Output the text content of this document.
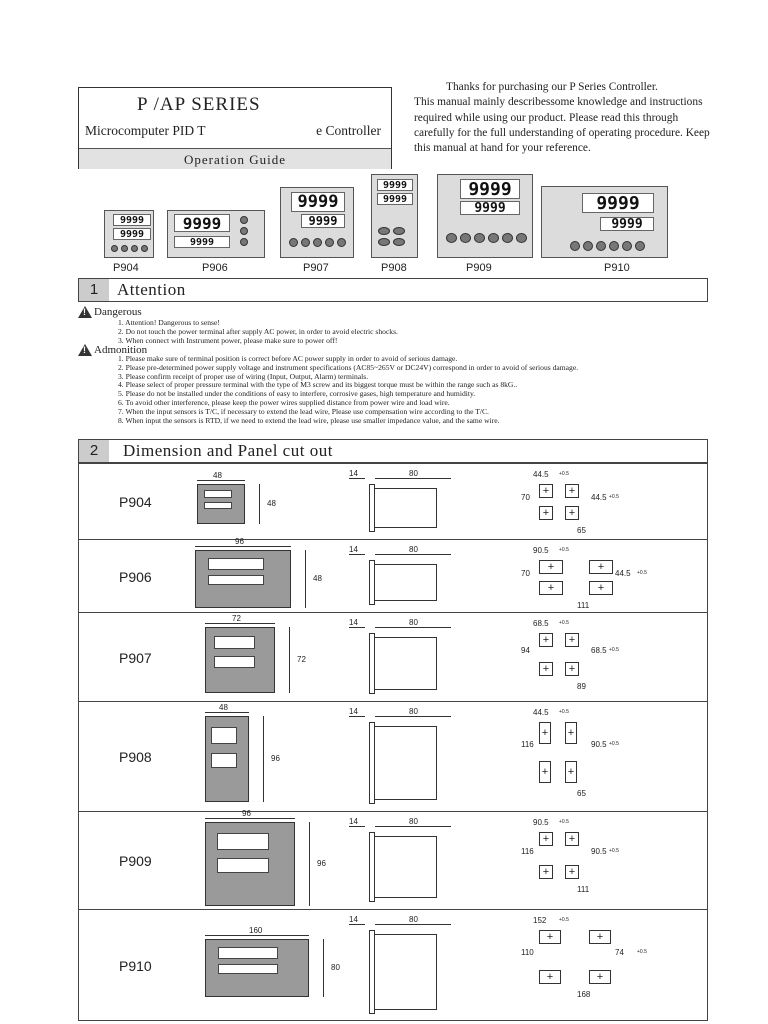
P /AP SERIES
Microcomputer PID T	e Controller
Operation Guide
Thanks for purchasing our P Series Controller.
This manual mainly describessome knowledge and instructions required while using our product. Please read this through carefully for the full understanding of operating procedure. Keep this manual at hand for your reference.
9999
9999
9999
9999
9999
9999
9999
9999	9999
9999	9999
9999
P904	P906	P907	P908	P909	P910
1	Attention
!
Dangerous
1. Attention! Dangerous to sense!
2. Do not touch the power terminal after supply AC power, in order to avoid electric shocks.
3. When connect with Instrument power, please make sure to power off!
!
Admonition
1. Please make sure of terminal position is correct before AC power supply in order to avoid of serious damage.
2. Please pre-determined power supply voltage and instrument specifications (AC85~265V or DC24V) correspond in order to avoid of serious damage.
3. Please confirm receipt of proper use of wiring (Input, Output, Alarm) terminals.
4. Please select of proper pressure terminal with the type of M3 screw and its biggest torque must be within the range such as 8kG..
5. Please do not be installed under the conditions of easy to interfere, corrosive gases, high temperature and humidity.
6. To avoid other interference, please keep the power wires supplied distance from power wire and load wire.
7. When the input sensors is T/C, if necessary to extend the lead wire, Please use compensation wire according to the T/C.
8. When input the sensors is RTD, if we need to extend the lead wire, please use smaller impedance value, and the same wire.
2	Dimension and Panel cut out
P904
48
48
14	80	44.5 +0.5
+	+
+	+
70	44.5 +0.5
65
P906
96
48
14	80	90.5 +0.5
+	+
+	+
70	44.5 +0.5
111
P907
72
72
14	80	68.5 +0.5
+	+
+	+
94	68.5 +0.5
89
P908
48
96
14	80	44.5 +0.5
+ +
+ +
116	90.5 +0.5
65
P909
96
96
14	80	90.5 +0.5
+	+
+	+
116	90.5 +0.5
111
P910
160
80
14	80	152	+0.5
+	+
+	+
110	74	+0.5
168
